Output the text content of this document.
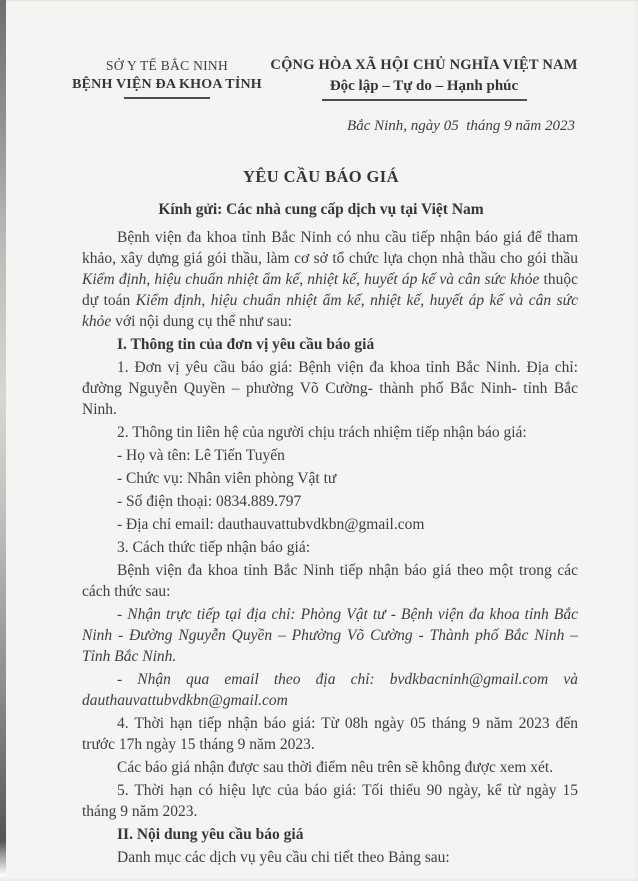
SỞ Y TẾ BẮC NINH
BỆNH VIỆN ĐA KHOA TỈNH
CỘNG HÒA XÃ HỘI CHỦ NGHĨA VIỆT NAM
Độc lập – Tự do – Hạnh phúc
Bắc Ninh, ngày 05  tháng 9 năm 2023
YÊU CẦU BÁO GIÁ
Kính gửi: Các nhà cung cấp dịch vụ tại Việt Nam

Bệnh viện đa khoa tỉnh Bắc Ninh có nhu cầu tiếp nhận báo giá để tham khảo, xây dựng giá gói thầu, làm cơ sở tổ chức lựa chọn nhà thầu cho gói thầu Kiểm định, hiệu chuẩn nhiệt ẩm kế, nhiệt kế, huyết áp kế và cân sức khỏe thuộc dự toán Kiểm định, hiệu chuẩn nhiệt ẩm kế, nhiệt kế, huyết áp kế và cân sức khỏe với nội dung cụ thể như sau:

I. Thông tin của đơn vị yêu cầu báo giá

1. Đơn vị yêu cầu báo giá: Bệnh viện đa khoa tỉnh Bắc Ninh. Địa chỉ: đường Nguyễn Quyền – phường Võ Cường- thành phố Bắc Ninh- tỉnh Bắc Ninh.

2. Thông tin liên hệ của người chịu trách nhiệm tiếp nhận báo giá:

- Họ và tên: Lê Tiến Tuyến

- Chức vụ: Nhân viên phòng Vật tư

- Số điện thoại: 0834.889.797

- Địa chỉ email: dauthauvattubvdkbn@gmail.com

3. Cách thức tiếp nhận báo giá:

Bệnh viện đa khoa tỉnh Bắc Ninh tiếp nhận báo giá theo một trong các cách thức sau:

- Nhận trực tiếp tại địa chỉ: Phòng Vật tư - Bệnh viện đa khoa tỉnh Bắc Ninh - Đường Nguyễn Quyền – Phường Võ Cường - Thành phố Bắc Ninh – Tỉnh Bắc Ninh.

- Nhận qua email theo địa chỉ: bvdkbacninh@gmail.com và dauthauvattubvdkbn@gmail.com

4. Thời hạn tiếp nhận báo giá: Từ 08h ngày 05 tháng 9 năm 2023 đến trước 17h ngày 15 tháng 9 năm 2023.

Các báo giá nhận được sau thời điểm nêu trên sẽ không được xem xét.

5. Thời hạn có hiệu lực của báo giá: Tối thiểu 90 ngày, kể từ ngày 15 tháng 9 năm 2023.

II. Nội dung yêu cầu báo giá

Danh mục các dịch vụ yêu cầu chi tiết theo Bảng sau:
